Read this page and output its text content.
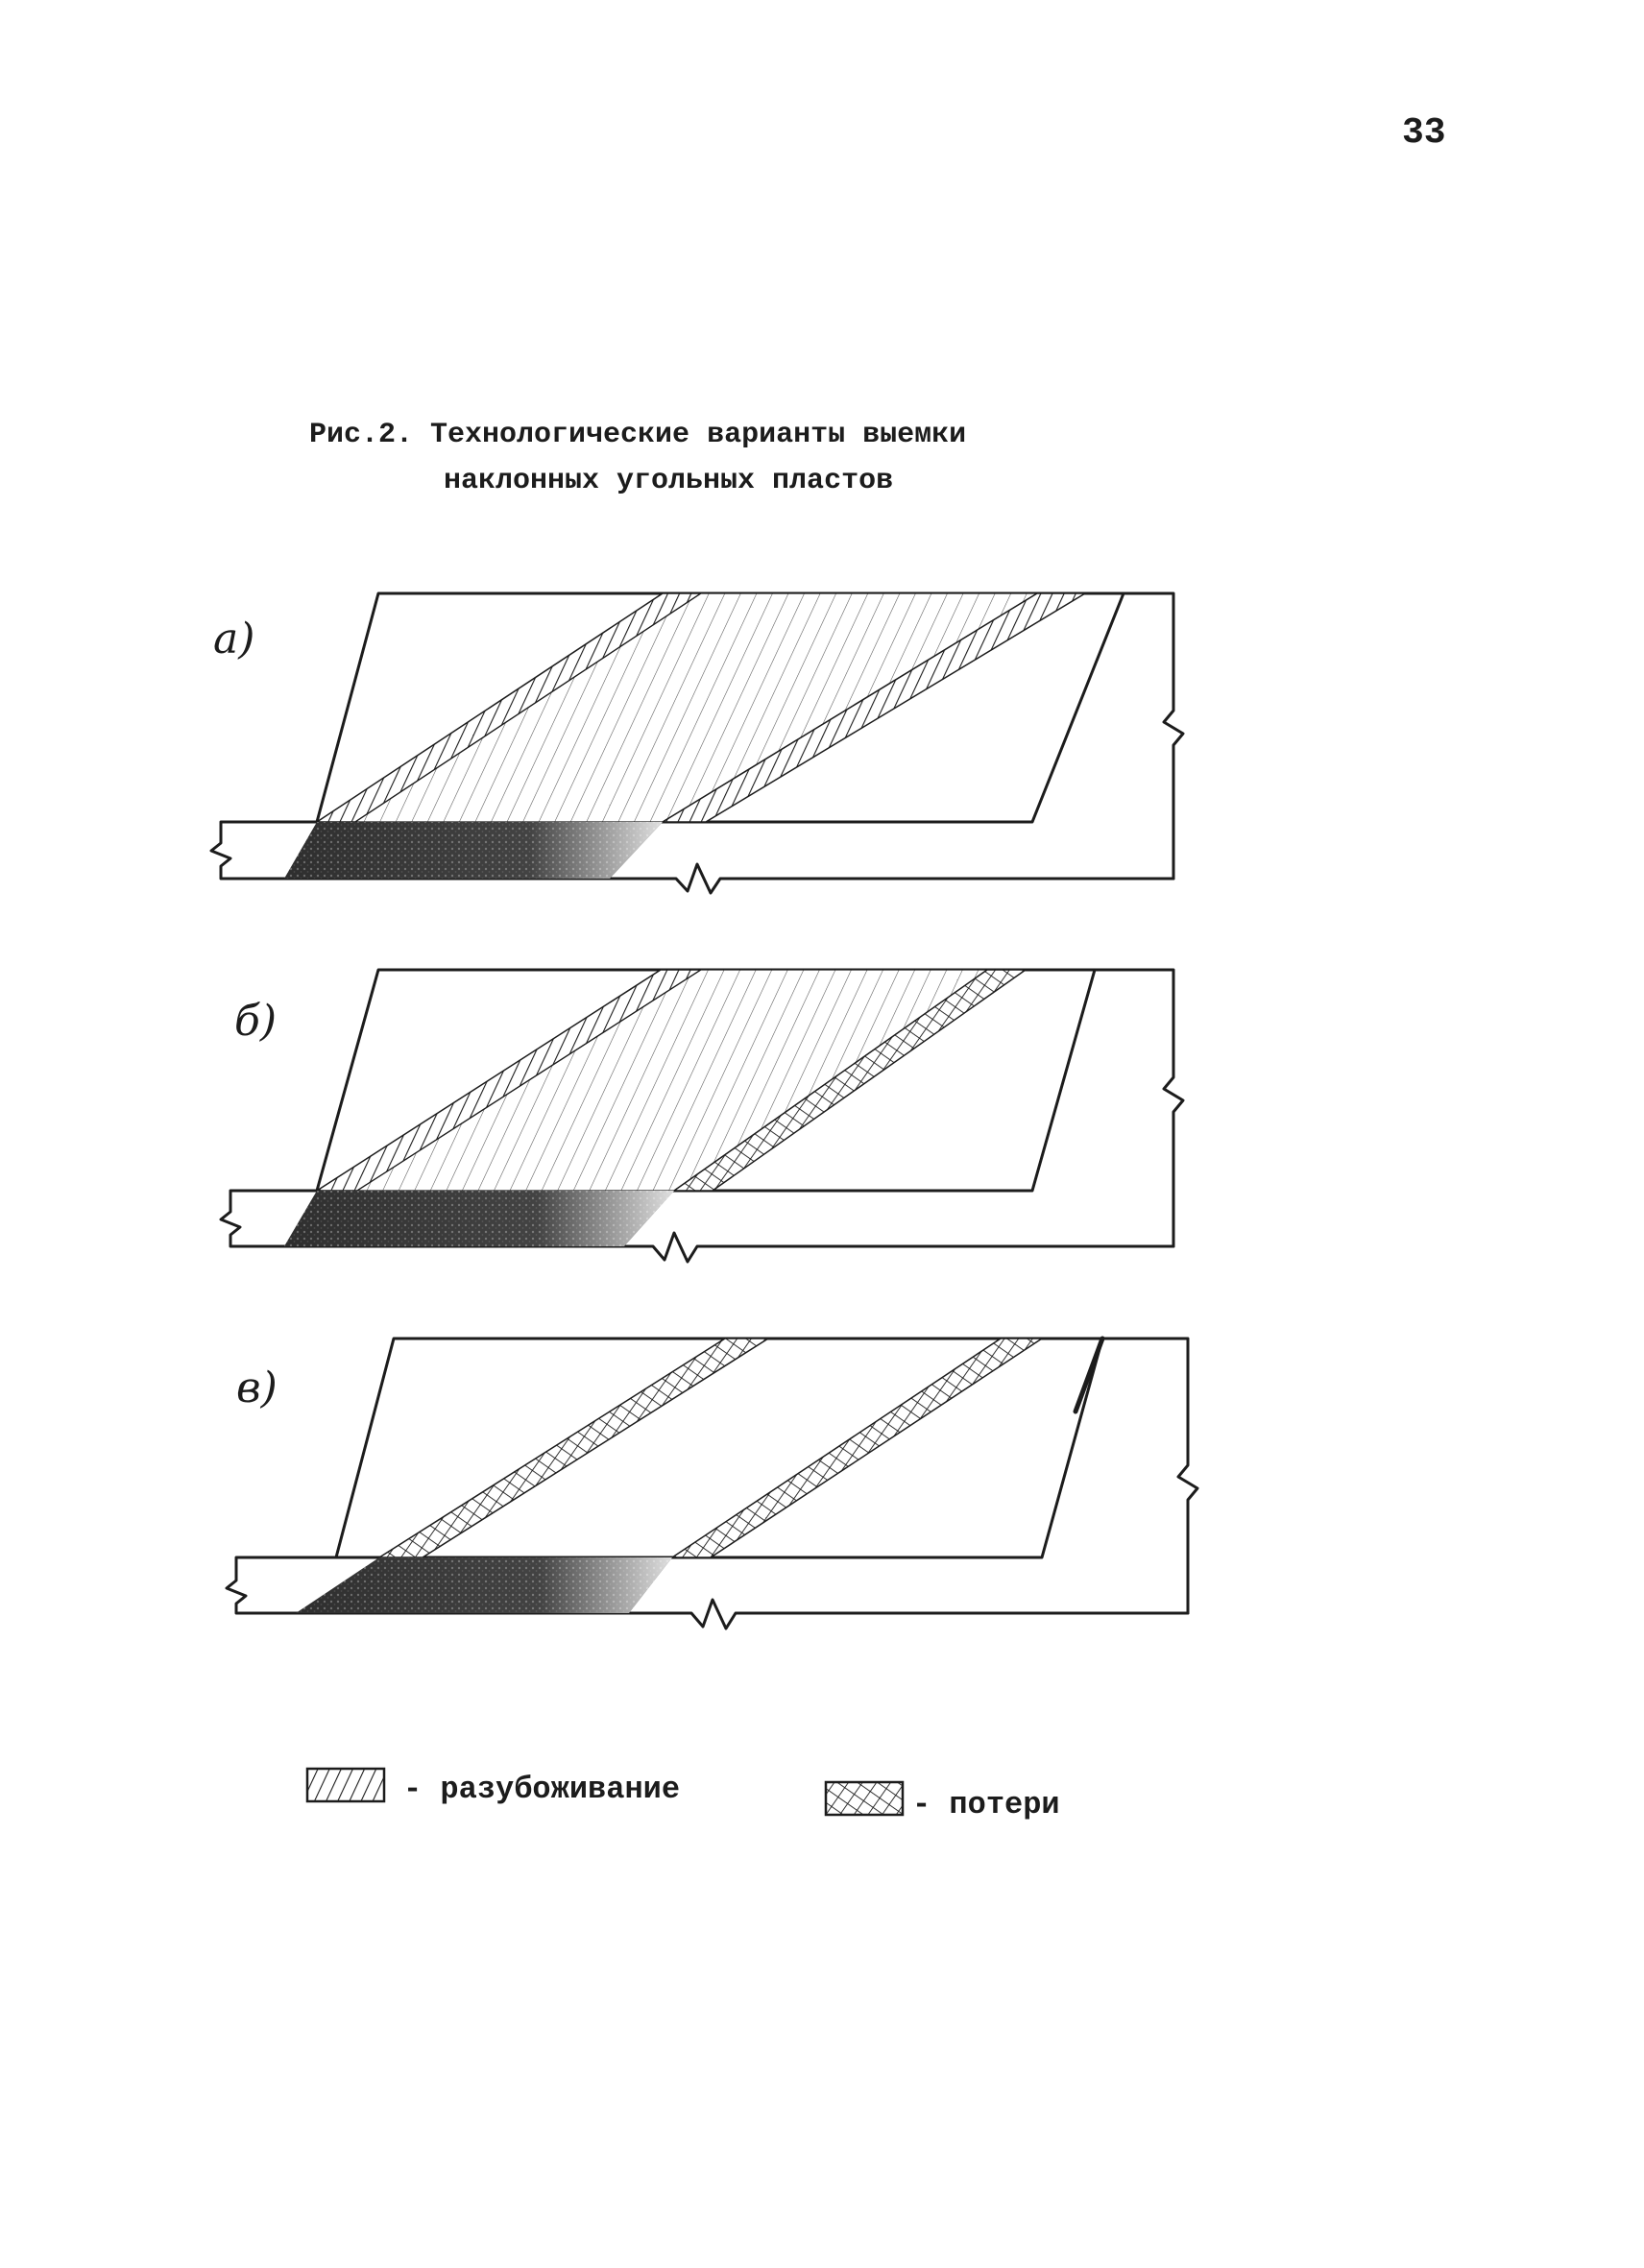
33
Рис.2. Технологические варианты выемки
наклонных угольных пластов
а)
б)
в)
- разубоживание	- потери
